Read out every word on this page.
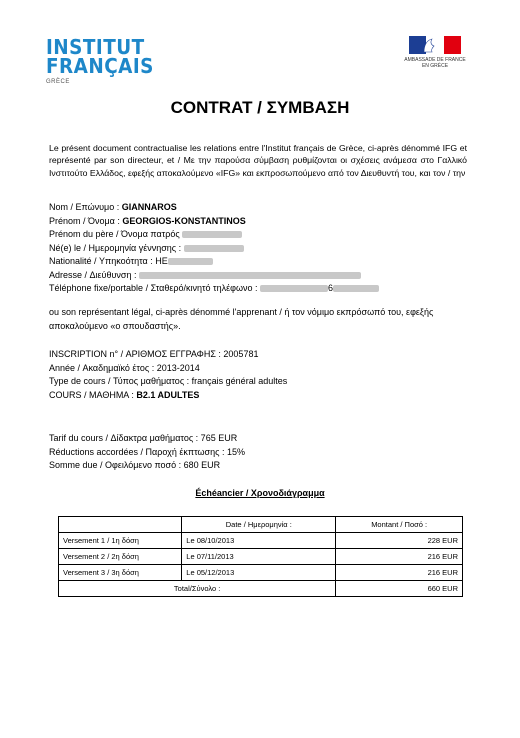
INSTITUT
FRANÇAIS
GRÈCE
AMBASSADE DE FRANCE
EN GRÈCE
CONTRAT / ΣΥΜΒΑΣΗ
Le présent document contractualise les relations entre l'Institut français de Grèce, ci-après dénommé IFG et représenté par son directeur, et / Με την παρούσα σύμβαση ρυθμίζονται οι σχέσεις ανάμεσα στο Γαλλικό Ινστιτούτο Ελλάδος, εφεξής αποκαλούμενο «IFG» και εκπροσωπούμενο από τον Διευθυντή του, και τον / την
Nom / Επώνυμο : GIANNAROS
Prénom / Όνομα : GEORGIOS-KONSTANTINOS
Prénom du père / Όνομα πατρός
Né(e) le / Ημερομηνία γέννησης :
Nationalité / Υπηκοότητα : HE
Adresse / Διεύθυνση :
Téléphone fixe/portable / Σταθερό/κινητό τηλέφωνο :	6
ou son représentant légal, ci-après dénommé l'apprenant / ή τον νόμιμο εκπρόσωπό του, εφεξής αποκαλούμενο «ο σπουδαστής».
INSCRIPTION n° / ΑΡΙΘΜΟΣ ΕΓΓΡΑΦΗΣ : 2005781
Année / Ακαδημαϊκό έτος : 2013-2014
Type de cours / Τύπος μαθήματος : français général adultes
COURS / ΜΑΘΗΜΑ : B2.1 ADULTES
Tarif du cours / Δίδακτρα μαθήματος : 765 EUR
Réductions accordées / Παροχή έκπτωσης : 15%
Somme due / Οφειλόμενο ποσό : 680 EUR
Échéancier / Χρονοδιάγραμμα
	Date / Ημερομηνία :	Montant / Ποσό :
Versement 1 / 1η δόση	Le 08/10/2013	228 EUR
Versement 2 / 2η δόση	Le 07/11/2013	216 EUR
Versement 3 / 3η δόση	Le 05/12/2013	216 EUR
Total/Σύνολο :		660 EUR
